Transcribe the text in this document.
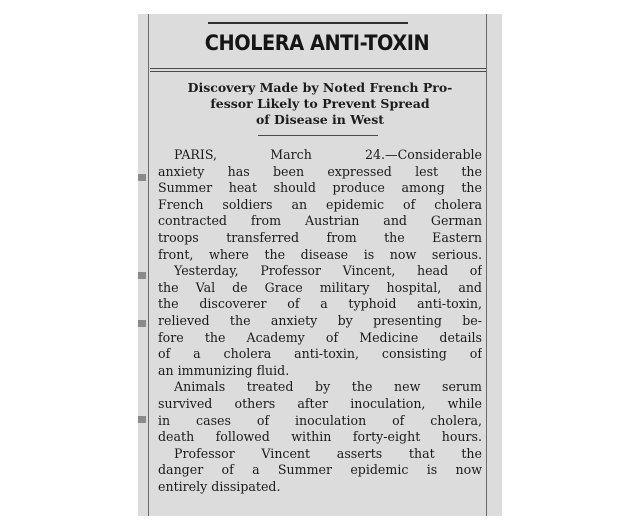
CHOLERA ANTI-TOXIN
Discovery Made by Noted French Pro-
fessor Likely to Prevent Spread
of Disease in West
PARIS, March 24.—Considerable
anxiety has been expressed lest the
Summer heat should produce among the
French soldiers an epidemic of cholera
contracted from Austrian and German
troops transferred from the Eastern
front, where the disease is now serious.
Yesterday, Professor Vincent, head of
the Val de Grace military hospital, and
the discoverer of a typhoid anti-toxin,
relieved the anxiety by presenting be-
fore the Academy of Medicine details
of a cholera anti-toxin, consisting of
an immunizing fluid.
Animals treated by the new serum
survived others after inoculation, while
in cases of inoculation of cholera,
death followed within forty-eight hours.
Professor Vincent asserts that the
danger of a Summer epidemic is now
entirely dissipated.
